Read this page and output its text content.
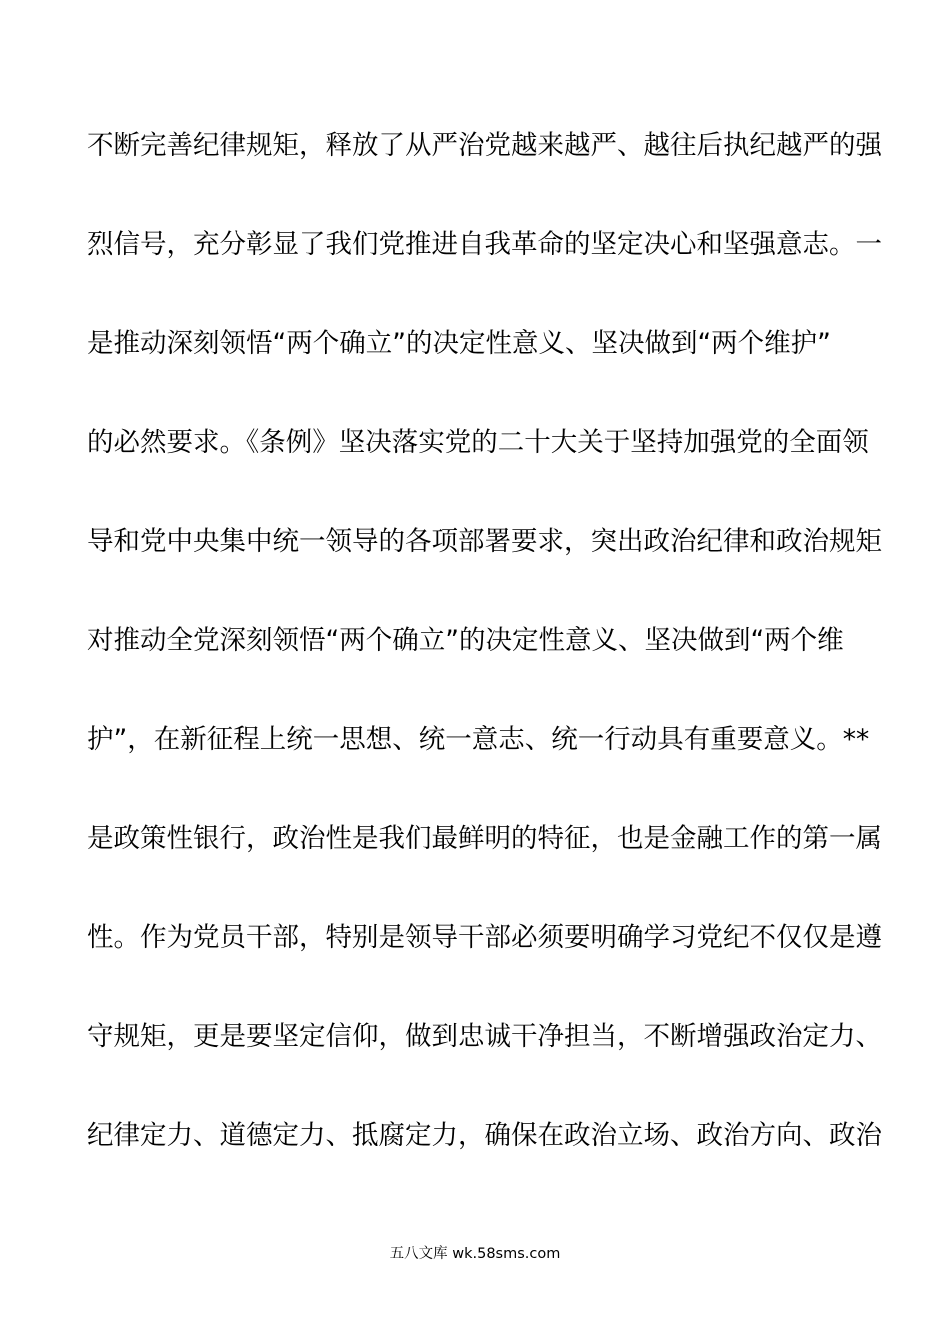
不断完善纪律规矩，释放了从严治党越来越严、越往后执纪越严的强
烈信号，充分彰显了我们党推进自我革命的坚定决心和坚强意志。一
是推动深刻领悟“两个确立”的决定性意义、坚决做到“两个维护”
的必然要求。《条例》坚决落实党的二十大关于坚持加强党的全面领
导和党中央集中统一领导的各项部署要求，突出政治纪律和政治规矩
对推动全党深刻领悟“两个确立”的决定性意义、坚决做到“两个维
护”，在新征程上统一思想、统一意志、统一行动具有重要意义。**
是政策性银行，政治性是我们最鲜明的特征，也是金融工作的第一属
性。作为党员干部，特别是领导干部必须要明确学习党纪不仅仅是遵
守规矩，更是要坚定信仰，做到忠诚干净担当，不断增强政治定力、
纪律定力、道德定力、抵腐定力，确保在政治立场、政治方向、政治
五八文库 wk.58sms.com
